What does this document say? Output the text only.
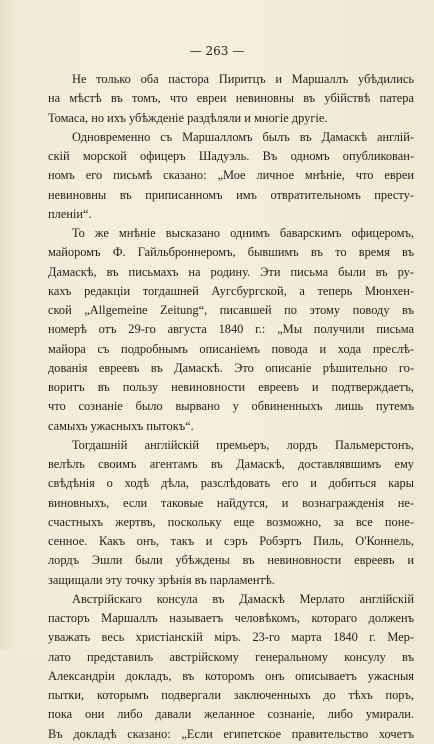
— 263 —
Не только оба пастора Пиритцъ и Маршаллъ убѣдились
на мѣстѣ въ томъ, что евреи невиновны въ убійствѣ патера
Томаса, но ихъ убѣжденіе раздѣляли и многіе другіе.
Одновременно съ Маршалломъ былъ въ Дамаскѣ англій-
скій морской офицеръ Шадуэль. Въ одномъ опубликован-
номъ его письмѣ сказано: „Мое личное мнѣніе, что евреи
невиновны въ приписанномъ имъ отвратительномъ престу-
пленіи“.
То же мнѣніе высказано однимъ баварскимъ офицеромъ,
майоромъ Ф. Гайльброннеромъ, бывшимъ въ то время въ
Дамаскѣ, въ письмахъ на родину. Эти письма были въ ру-
кахъ редакціи тогдашней Аугсбургской, а теперь Мюнхен-
ской „Allgemeine Zeitung“, писавшей по этому поводу въ
номерѣ отъ 29-го августа 1840 г.: „Мы получили письма
майора съ подробнымъ описаніемъ повода и хода преслѣ-
дованія евреевъ въ Дамаскѣ. Это описаніе рѣшительно го-
воритъ въ пользу невиновности евреевъ и подтверждаетъ,
что сознаніе было вырвано у обвиненныхъ лишь путемъ
самыхъ ужасныхъ пытокъ“.
Тогдашній англійскій премьеръ, лордъ Пальмерстонъ,
велѣлъ своимъ агентамъ въ Дамаскѣ, доставлявшимъ ему
свѣдѣнія о ходѣ дѣла, разслѣдовать его и добиться кары
виновныхъ, если таковые найдутся, и вознагражденія не-
счастныхъ жертвъ, поскольку еще возможно, за все поне-
сенное. Какъ онъ, такъ и сэръ Робэртъ Пиль, О'Коннель,
лордъ Эшли были убѣждены въ невиновности евреевъ и
защищали эту точку зрѣнія въ парламентѣ.
Австрійскаго консула въ Дамаскѣ Мерлато англійскій
пасторъ Маршаллъ называетъ человѣкомъ, котораго долженъ
уважать весь христіанскій міръ. 23-го марта 1840 г. Мер-
лато представилъ австрійскому генеральному консулу въ
Александріи докладъ, въ которомъ онъ описываетъ ужасныя
пытки, которымъ подвергали заключенныхъ до тѣхъ поръ,
пока они либо давали желанное сознаніе, либо умирали.
Въ докладѣ сказано: „Если египетское правительство хочетъ
